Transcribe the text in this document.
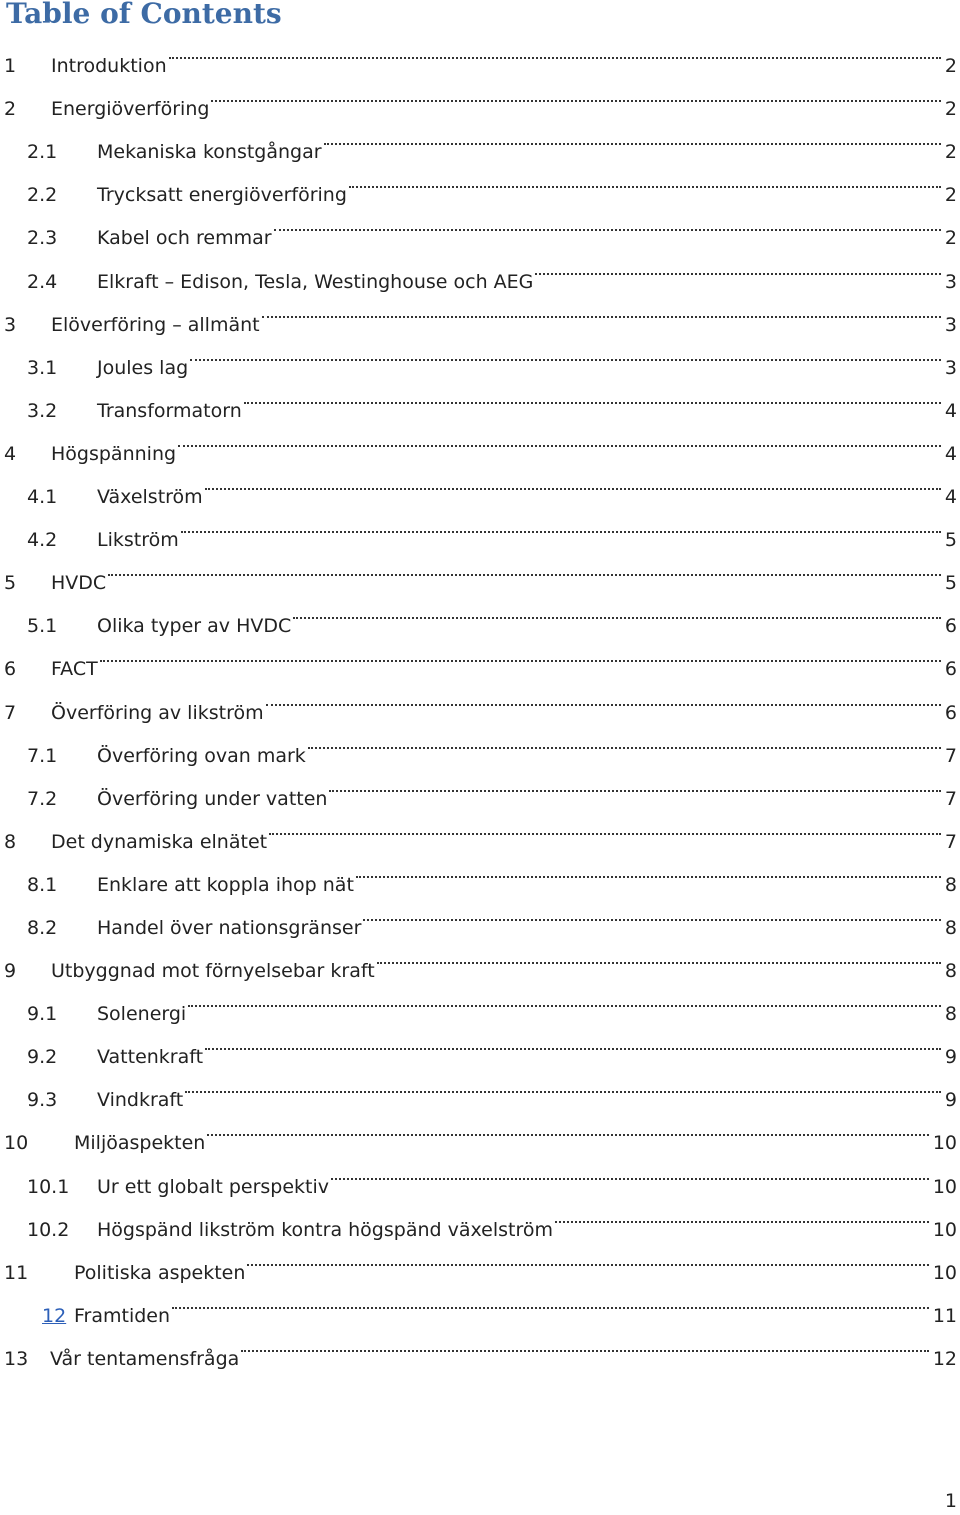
Table of Contents
1	Introduktion	2
2	Energiöverföring	2
2.1	Mekaniska konstgångar	2
2.2	Trycksatt energiöverföring	2
2.3	Kabel och remmar	2
2.4	Elkraft – Edison, Tesla, Westinghouse och AEG	3
3	Elöverföring – allmänt	3
3.1	Joules lag	3
3.2	Transformatorn	4
4	Högspänning	4
4.1	Växelström	4
4.2	Likström	5
5	HVDC	5
5.1	Olika typer av HVDC	6
6	FACT	6
7	Överföring av likström	6
7.1	Överföring ovan mark	7
7.2	Överföring under vatten	7
8	Det dynamiska elnätet	7
8.1	Enklare att koppla ihop nät	8
8.2	Handel över nationsgränser	8
9	Utbyggnad mot förnyelsebar kraft	8
9.1	Solenergi	8
9.2	Vattenkraft	9
9.3	Vindkraft	9
10	Miljöaspekten	10
10.1	Ur ett globalt perspektiv	10
10.2	Högspänd likström kontra högspänd växelström	10
11	Politiska aspekten	10
12 Framtiden	11
13	Vår tentamensfråga	12
1
